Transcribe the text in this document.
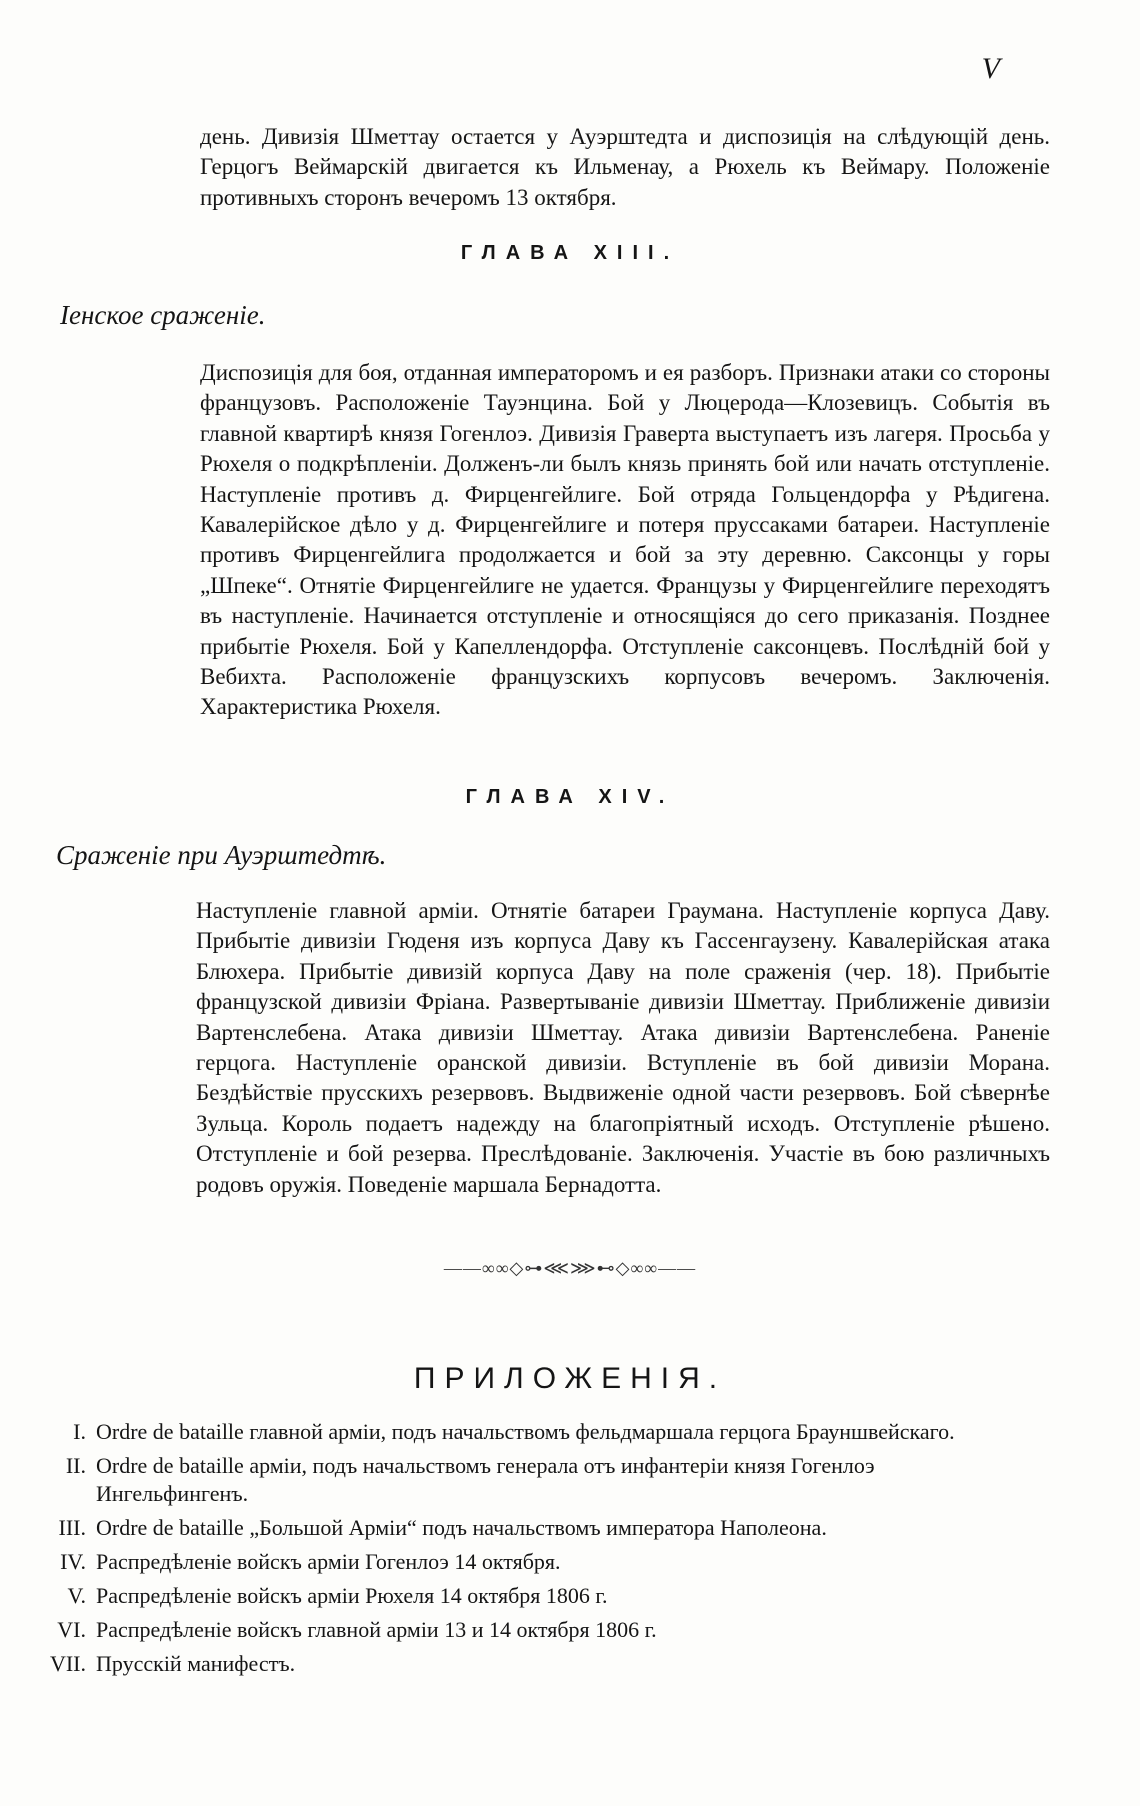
V

день. Дивизія Шметтау остается у Ауэрштедта и диспозиція на слѣдующій день. Герцогъ Веймарскій двигается къ Ильменау, а Рюхель къ Веймару. Положеніе противныхъ сторонъ вечеромъ 13 октября.

ГЛАВА XIII.
Іенское сраженіе.

Диспозиція для боя, отданная императоромъ и ея разборъ. Признаки атаки со стороны французовъ. Расположеніе Тауэнцина. Бой у Люцерода—Клозевицъ. Событія въ главной квартирѣ князя Гогенлоэ. Дивизія Граверта выступаетъ изъ лагеря. Просьба у Рюхеля о подкрѣпленіи. Долженъ-ли былъ князь принять бой или начать отступленіе. Наступленіе противъ д. Фирценгейлиге. Бой отряда Гольцендорфа у Рѣдигена. Кавалерійское дѣло у д. Фирценгейлиге и потеря пруссаками батареи. Наступленіе противъ Фирценгейлига продолжается и бой за эту деревню. Саксонцы у горы „Шпеке“. Отнятіе Фирценгейлиге не удается. Французы у Фирценгейлиге переходятъ въ наступленіе. Начинается отступленіе и относящіяся до сего приказанія. Позднее прибытіе Рюхеля. Бой у Капеллендорфа. Отступленіе саксонцевъ. Послѣдній бой у Вебихта. Расположеніе французскихъ корпусовъ вечеромъ. Заключенія. Характеристика Рюхеля.

ГЛАВА XIV.
Сраженіе при Ауэрштедтѣ.

Наступленіе главной арміи. Отнятіе батареи Граумана. Наступленіе корпуса Даву. Прибытіе дивизіи Гюденя изъ корпуса Даву къ Гассенгаузену. Кавалерійская атака Блюхера. Прибытіе дивизій корпуса Даву на поле сраженія (чер. 18). Прибытіе французской дивизіи Фріана. Развертываніе дивизіи Шметтау. Приближеніе дивизіи Вартенслебена. Атака дивизіи Шметтау. Атака дивизіи Вартенслебена. Раненіе герцога. Наступленіе оранской дивизіи. Вступленіе въ бой дивизіи Морана. Бездѣйствіе прусскихъ резервовъ. Выдвиженіе одной части резервовъ. Бой сѣвернѣе Зульца. Король подаетъ надежду на благопріятный исходъ. Отступленіе рѣшено. Отступленіе и бой резерва. Преслѣдованіе. Заключенія. Участіе въ бою различныхъ родовъ оружія. Поведеніе маршала Бернадотта.

——∞∞◇⊶⋘⋙⊷◇∞∞——
ПРИЛОЖЕНІЯ.
I. Ordre de bataille главной арміи, подъ начальствомъ фельдмаршала герцога Брауншвейскаго.
II. Ordre de bataille арміи, подъ начальствомъ генерала отъ инфантеріи князя Гогенлоэ Ингельфингенъ.
III. Ordre de bataille „Большой Арміи“ подъ начальствомъ императора Наполеона.
IV. Распредѣленіе войскъ арміи Гогенлоэ 14 октября.
V. Распредѣленіе войскъ арміи Рюхеля 14 октября 1806 г.
VI. Распредѣленіе войскъ главной арміи 13 и 14 октября 1806 г.
VII. Прусскій манифестъ.
